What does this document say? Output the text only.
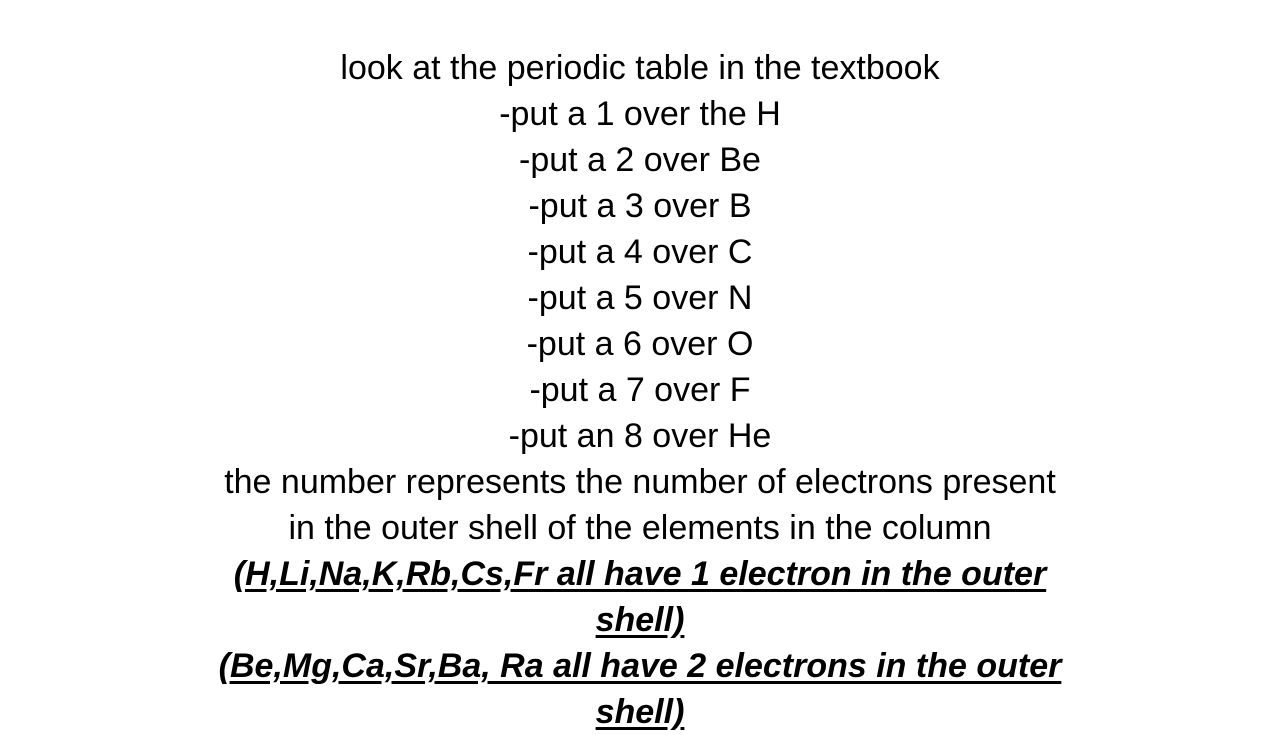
look at the periodic table in the textbook
-put a 1 over the H
-put a 2 over Be
-put a 3 over B
-put a 4 over C
-put a 5 over N
-put a 6 over O
-put a 7 over F
-put an 8 over He
the number represents the number of electrons present
in the outer shell of the elements in the column
(H,Li,Na,K,Rb,Cs,Fr all have 1 electron in the outer
shell)
(Be,Mg,Ca,Sr,Ba, Ra all have 2 electrons in the outer
shell)
